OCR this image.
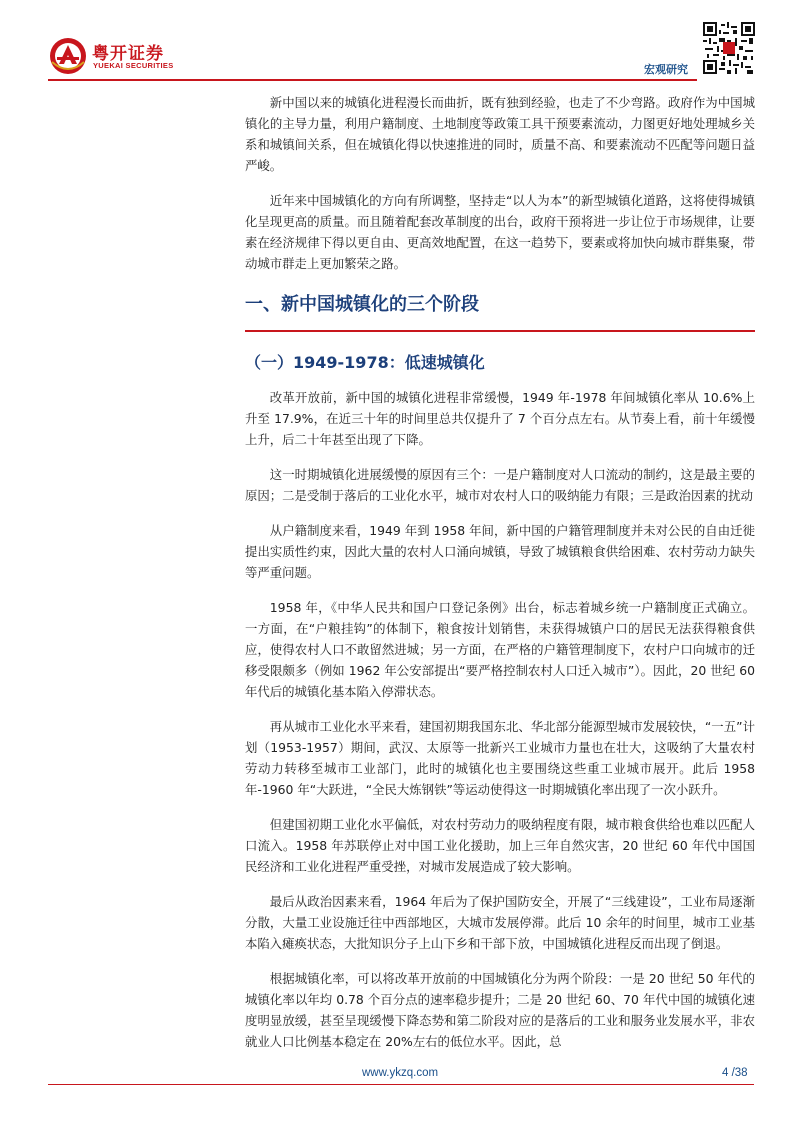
粤开证券
YUEKAI SECURITIES	宏观研究

新中国以来的城镇化进程漫长而曲折，既有独到经验，也走了不少弯路。政府作为中国城镇化的主导力量，利用户籍制度、土地制度等政策工具干预要素流动，力图更好地处理城乡关系和城镇间关系，但在城镇化得以快速推进的同时，质量不高、和要素流动不匹配等问题日益严峻。

近年来中国城镇化的方向有所调整，坚持走“以人为本”的新型城镇化道路，这将使得城镇化呈现更高的质量。而且随着配套改革制度的出台，政府干预将进一步让位于市场规律，让要素在经济规律下得以更自由、更高效地配置，在这一趋势下，要素或将加快向城市群集聚，带动城市群走上更加繁荣之路。

一、新中国城镇化的三个阶段
（一）1949-1978：低速城镇化

改革开放前，新中国的城镇化进程非常缓慢，1949 年-1978 年间城镇化率从 10.6%上升至 17.9%，在近三十年的时间里总共仅提升了 7 个百分点左右。从节奏上看，前十年缓慢上升，后二十年甚至出现了下降。

这一时期城镇化进展缓慢的原因有三个：一是户籍制度对人口流动的制约，这是最主要的原因；二是受制于落后的工业化水平，城市对农村人口的吸纳能力有限；三是政治因素的扰动

从户籍制度来看，1949 年到 1958 年间，新中国的户籍管理制度并未对公民的自由迁徙提出实质性约束，因此大量的农村人口涌向城镇，导致了城镇粮食供给困难、农村劳动力缺失等严重问题。

1958 年，《中华人民共和国户口登记条例》出台，标志着城乡统一户籍制度正式确立。一方面，在“户粮挂钩”的体制下，粮食按计划销售，未获得城镇户口的居民无法获得粮食供应，使得农村人口不敢留然进城；另一方面，在严格的户籍管理制度下，农村户口向城市的迁移受限颇多（例如 1962 年公安部提出“要严格控制农村人口迁入城市”）。因此，20 世纪 60 年代后的城镇化基本陷入停滞状态。

再从城市工业化水平来看，建国初期我国东北、华北部分能源型城市发展较快，“一五”计划（1953-1957）期间，武汉、太原等一批新兴工业城市力量也在壮大，这吸纳了大量农村劳动力转移至城市工业部门，此时的城镇化也主要围绕这些重工业城市展开。此后 1958 年-1960 年“大跃进，“全民大炼钢铁”等运动使得这一时期城镇化率出现了一次小跃升。

但建国初期工业化水平偏低，对农村劳动力的吸纳程度有限，城市粮食供给也难以匹配人口流入。1958 年苏联停止对中国工业化援助，加上三年自然灾害，20 世纪 60 年代中国国民经济和工业化进程严重受挫，对城市发展造成了较大影响。

最后从政治因素来看，1964 年后为了保护国防安全，开展了“三线建设”，工业布局逐渐分散，大量工业设施迁往中西部地区，大城市发展停滞。此后 10 余年的时间里，城市工业基本陷入瘫痪状态，大批知识分子上山下乡和干部下放，中国城镇化进程反而出现了倒退。

根据城镇化率，可以将改革开放前的中国城镇化分为两个阶段：一是 20 世纪 50 年代的城镇化率以年均 0.78 个百分点的速率稳步提升；二是 20 世纪 60、70 年代中国的城镇化速度明显放缓，甚至呈现缓慢下降态势和第二阶段对应的是落后的工业和服务业发展水平，非农就业人口比例基本稳定在 20%左右的低位水平。因此，总

www.ykzq.com	4 /38
